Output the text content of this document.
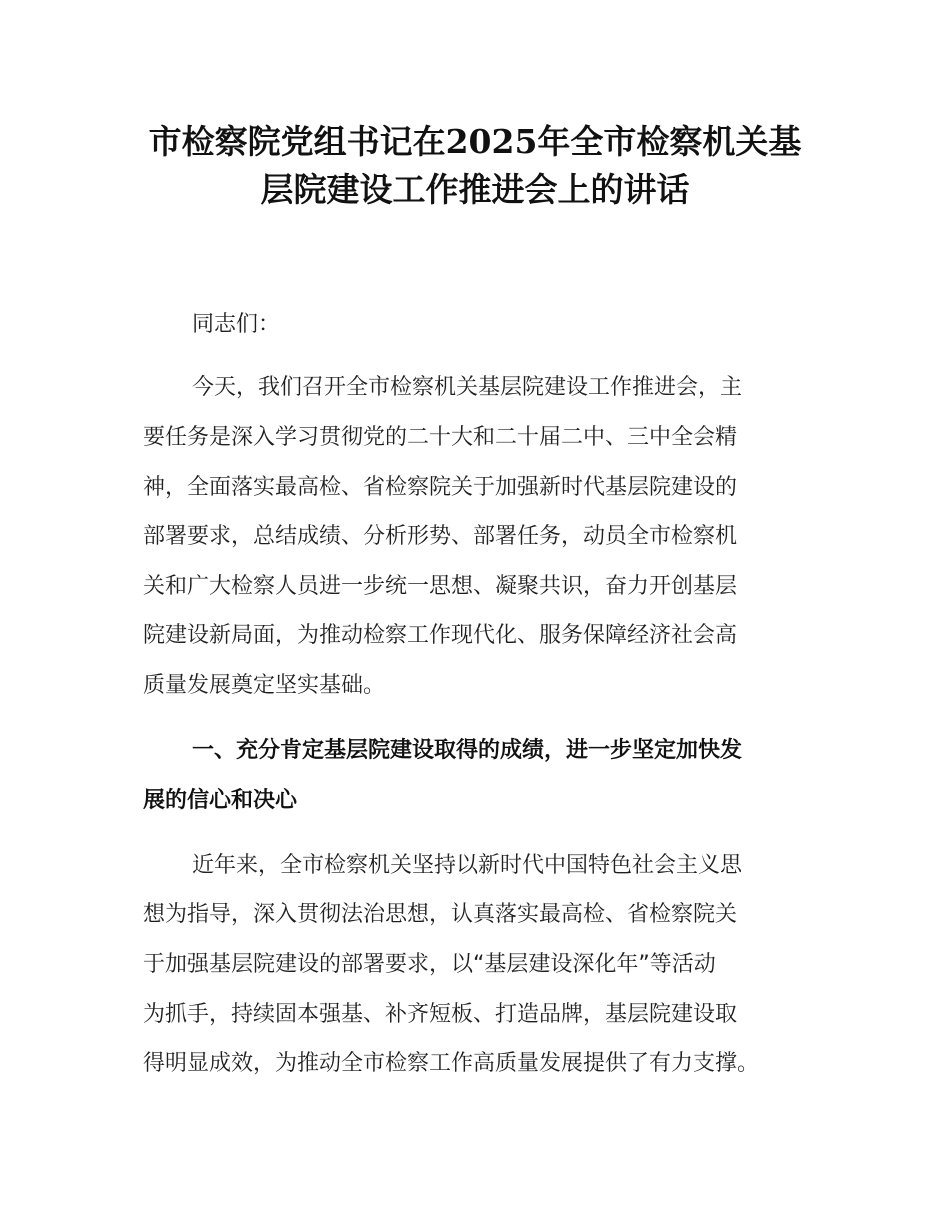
市检察院党组书记在2025年全市检察机关基
层院建设工作推进会上的讲话

同志们：

今天，我们召开全市检察机关基层院建设工作推进会，主

要任务是深入学习贯彻党的二十大和二十届二中、三中全会精

神，全面落实最高检、省检察院关于加强新时代基层院建设的

部署要求，总结成绩、分析形势、部署任务，动员全市检察机

关和广大检察人员进一步统一思想、凝聚共识，奋力开创基层

院建设新局面，为推动检察工作现代化、服务保障经济社会高

质量发展奠定坚实基础。

一、充分肯定基层院建设取得的成绩，进一步坚定加快发
展的信心和决心

近年来，全市检察机关坚持以新时代中国特色社会主义思

想为指导，深入贯彻法治思想，认真落实最高检、省检察院关

于加强基层院建设的部署要求，以“基层建设深化年”等活动

为抓手，持续固本强基、补齐短板、打造品牌，基层院建设取

得明显成效，为推动全市检察工作高质量发展提供了有力支撑。
